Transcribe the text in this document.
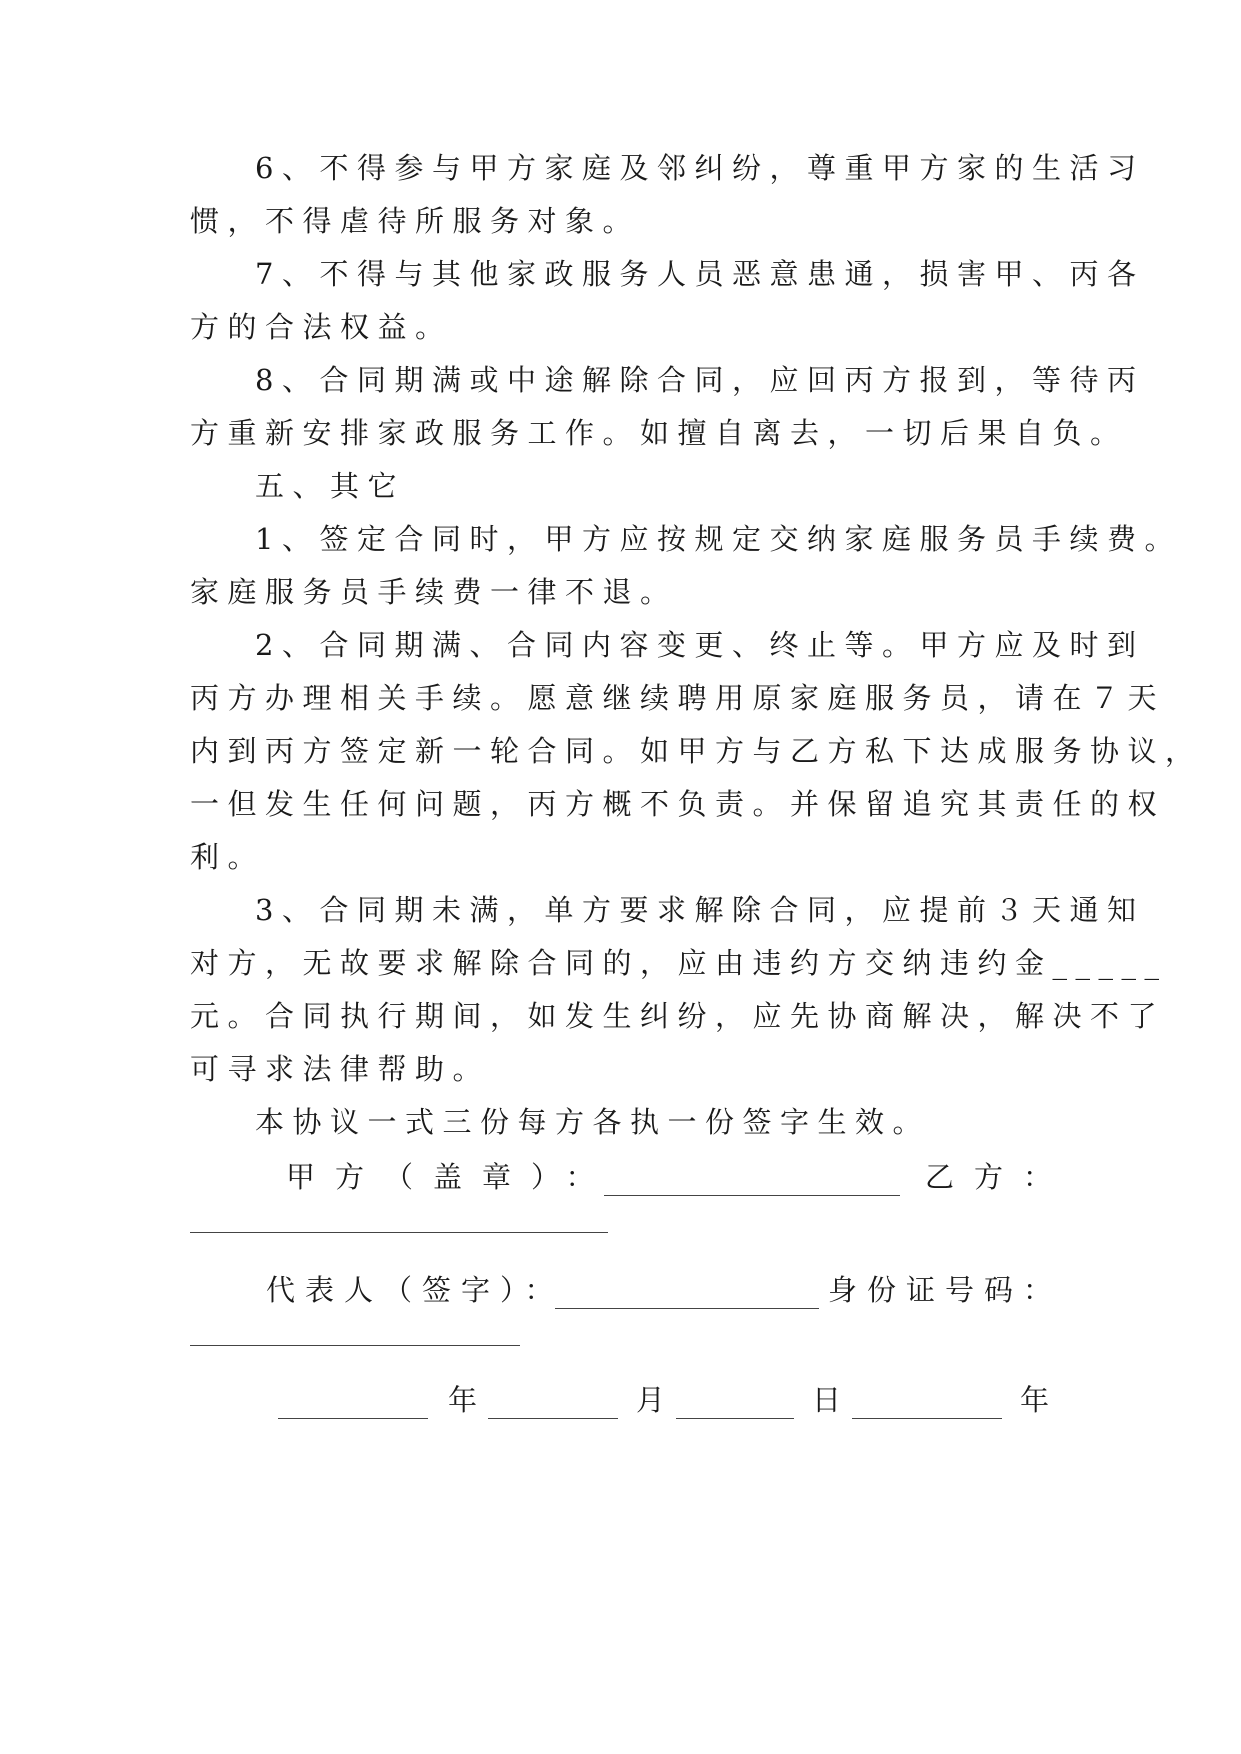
6、不得参与甲方家庭及邻纠纷，尊重甲方家的生活习
惯，不得虐待所服务对象。
7、不得与其他家政服务人员恶意患通，损害甲、丙各
方的合法权益。
8、合同期满或中途解除合同，应回丙方报到，等待丙
方重新安排家政服务工作。如擅自离去，一切后果自负。
五、其它
1、签定合同时，甲方应按规定交纳家庭服务员手续费。
家庭服务员手续费一律不退。
2、合同期满、合同内容变更、终止等。甲方应及时到
丙方办理相关手续。愿意继续聘用原家庭服务员，请在７天
内到丙方签定新一轮合同。如甲方与乙方私下达成服务协议，
一但发生任何问题，丙方概不负责。并保留追究其责任的权
利。
3、合同期未满，单方要求解除合同，应提前３天通知
对方，无故要求解除合同的，应由违约方交纳违约金_____
元。合同执行期间，如发生纠纷，应先协商解决，解决不了
可寻求法律帮助。
本协议一式三份每方各执一份签字生效。
甲方（盖章）：	乙方：
代表人（签字）：	身份证号码：
年	月	日	年
